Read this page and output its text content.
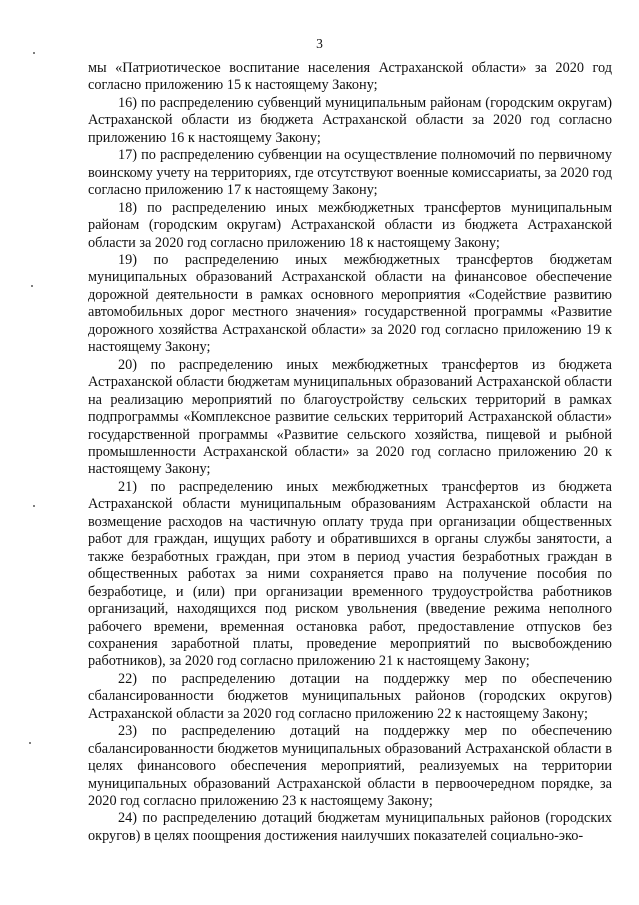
3

мы «Патриотическое воспитание населения Астраханской области» за 2020 год согласно приложению 15 к настоящему Закону;

16) по распределению субвенций муниципальным районам (городским округам) Астраханской области из бюджета Астраханской области за 2020 год согласно приложению 16 к настоящему Закону;

17) по распределению субвенции на осуществление полномочий по первичному воинскому учету на территориях, где отсутствуют военные комиссариаты, за 2020 год согласно приложению 17 к настоящему Закону;

18) по распределению иных межбюджетных трансфертов муниципальным районам (городским округам) Астраханской области из бюджета Астраханской области за 2020 год согласно приложению 18 к настоящему Закону;

19) по распределению иных межбюджетных трансфертов бюджетам муниципальных образований Астраханской области на финансовое обеспечение дорожной деятельности в рамках основного мероприятия «Содействие развитию автомобильных дорог местного значения» государственной программы «Развитие дорожного хозяйства Астраханской области» за 2020 год согласно приложению 19 к настоящему Закону;

20) по распределению иных межбюджетных трансфертов из бюджета Астраханской области бюджетам муниципальных образований Астраханской области на реализацию мероприятий по благоустройству сельских территорий в рамках подпрограммы «Комплексное развитие сельских территорий Астраханской области» государственной программы «Развитие сельского хозяйства, пищевой и рыбной промышленности Астраханской области» за 2020 год согласно приложению 20 к настоящему Закону;

21) по распределению иных межбюджетных трансфертов из бюджета Астраханской области муниципальным образованиям Астраханской области на возмещение расходов на частичную оплату труда при организации общественных работ для граждан, ищущих работу и обратившихся в органы службы занятости, а также безработных граждан, при этом в период участия безработных граждан в общественных работах за ними сохраняется право на получение пособия по безработице, и (или) при организации временного трудоустройства работников организаций, находящихся под риском увольнения (введение режима неполного рабочего времени, временная остановка работ, предоставление отпусков без сохранения заработной платы, проведение мероприятий по высвобождению работников), за 2020 год согласно приложению 21 к настоящему Закону;

22) по распределению дотации на поддержку мер по обеспечению сбалансированности бюджетов муниципальных районов (городских округов) Астраханской области за 2020 год согласно приложению 22 к настоящему Закону;

23) по распределению дотаций на поддержку мер по обеспечению сбалансированности бюджетов муниципальных образований Астраханской области в целях финансового обеспечения мероприятий, реализуемых на территории муниципальных образований Астраханской области в первоочередном порядке, за 2020 год согласно приложению 23 к настоящему Закону;

24) по распределению дотаций бюджетам муниципальных районов (городских округов) в целях поощрения достижения наилучших показателей социально-эко-
